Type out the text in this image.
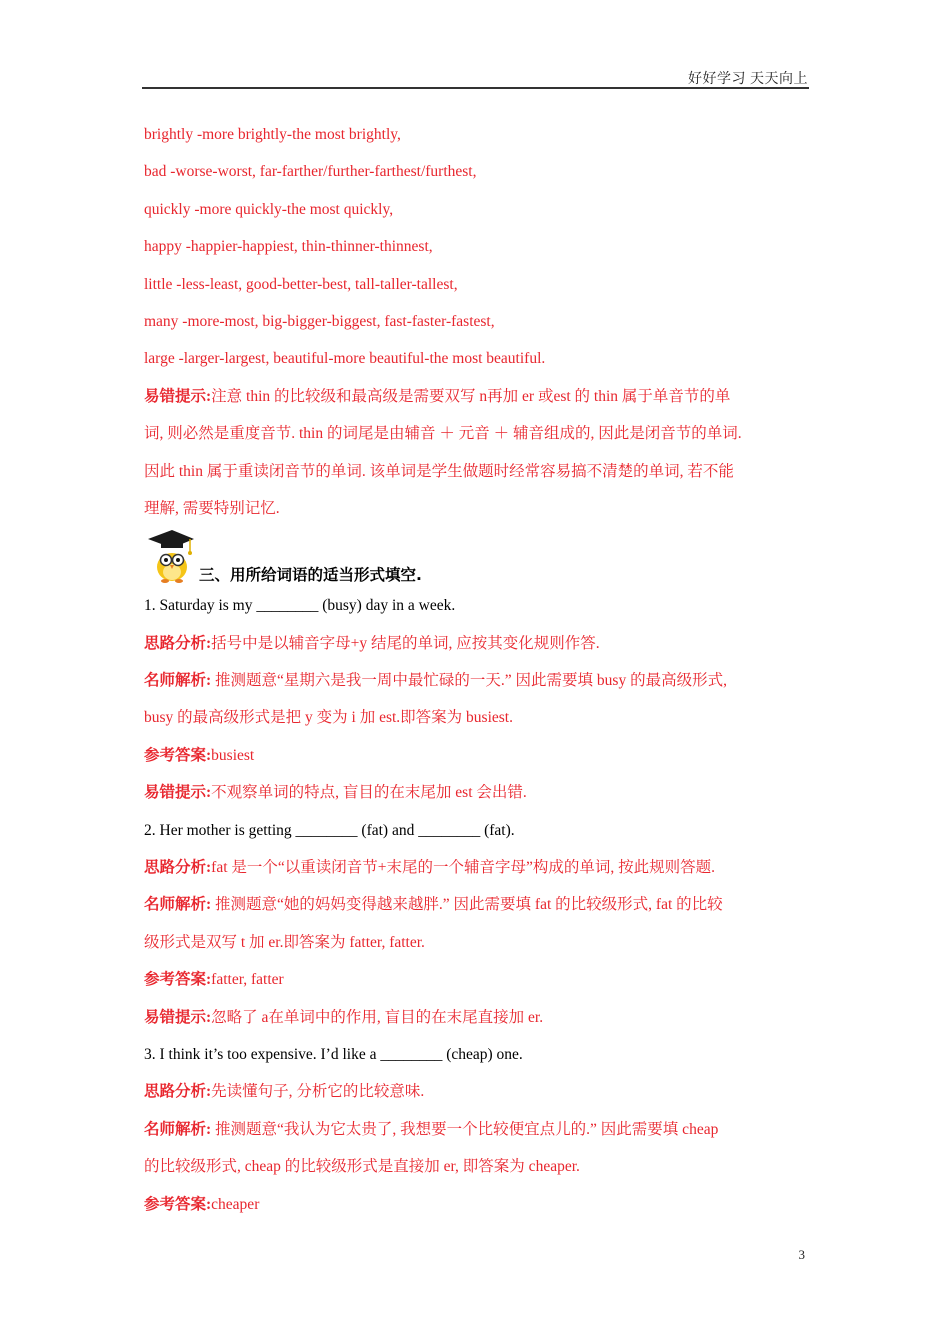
好好学习 天天向上
brightly -more brightly-the most brightly,
bad -worse-worst, far-farther/further-farthest/furthest,
quickly -more quickly-the most quickly,
happy -happier-happiest, thin-thinner-thinnest,
little -less-least, good-better-best, tall-taller-tallest,
many -more-most, big-bigger-biggest, fast-faster-fastest,
large -larger-largest, beautiful-more beautiful-the most beautiful.
易错提示:注意 thin 的比较级和最高级是需要双写 n再加 er 或est 的 thin 属于单音节的单
词, 则必然是重度音节. thin 的词尾是由辅音 ＋ 元音 ＋ 辅音组成的, 因此是闭音节的单词.
因此 thin 属于重读闭音节的单词. 该单词是学生做题时经常容易搞不清楚的单词, 若不能
理解, 需要特别记忆.
三、用所给词语的适当形式填空.
1. Saturday is my ________ (busy) day in a week.
思路分析:括号中是以辅音字母+y 结尾的单词, 应按其变化规则作答.
名师解析: 推测题意“星期六是我一周中最忙碌的一天.” 因此需要填 busy 的最高级形式,
busy 的最高级形式是把 y 变为 i 加 est.即答案为 busiest.
参考答案:busiest
易错提示:不观察单词的特点, 盲目的在末尾加 est 会出错.
2. Her mother is getting ________ (fat) and ________ (fat).
思路分析:fat 是一个“以重读闭音节+末尾的一个辅音字母”构成的单词, 按此规则答题.
名师解析: 推测题意“她的妈妈变得越来越胖.” 因此需要填 fat 的比较级形式, fat 的比较
级形式是双写 t 加 er.即答案为 fatter, fatter.
参考答案:fatter, fatter
易错提示:忽略了 a在单词中的作用, 盲目的在末尾直接加 er.
3. I think it’s too expensive. I’d like a ________ (cheap) one.
思路分析:先读懂句子, 分析它的比较意味.
名师解析: 推测题意“我认为它太贵了, 我想要一个比较便宜点儿的.” 因此需要填 cheap
的比较级形式, cheap 的比较级形式是直接加 er, 即答案为 cheaper.
参考答案:cheaper
3
